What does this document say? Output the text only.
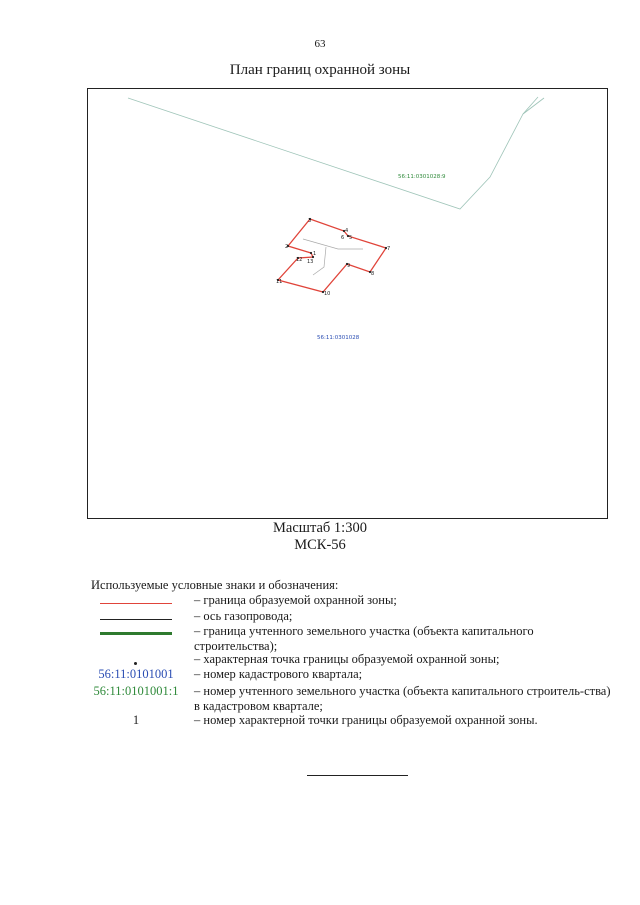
63
План границ охранной зоны
1
2
3
4
5
6
7
8
9
10
11
12 13
56:11:0301028:9
56:11:0301028
Масштаб 1:300
МСК-56
Используемые условные знаки и обозначения:
– граница образуемой охранной зоны;
– ось газопровода;
– граница учтенного земельного участка (объекта капитального строительства);
– характерная точка границы образуемой охранной зоны;
56:11:0101001	– номер кадастрового квартала;
56:11:0101001:1	– номер учтенного земельного участка (объекта капитального строитель-ства) в кадастровом квартале;
1	– номер характерной точки границы образуемой охранной зоны.
